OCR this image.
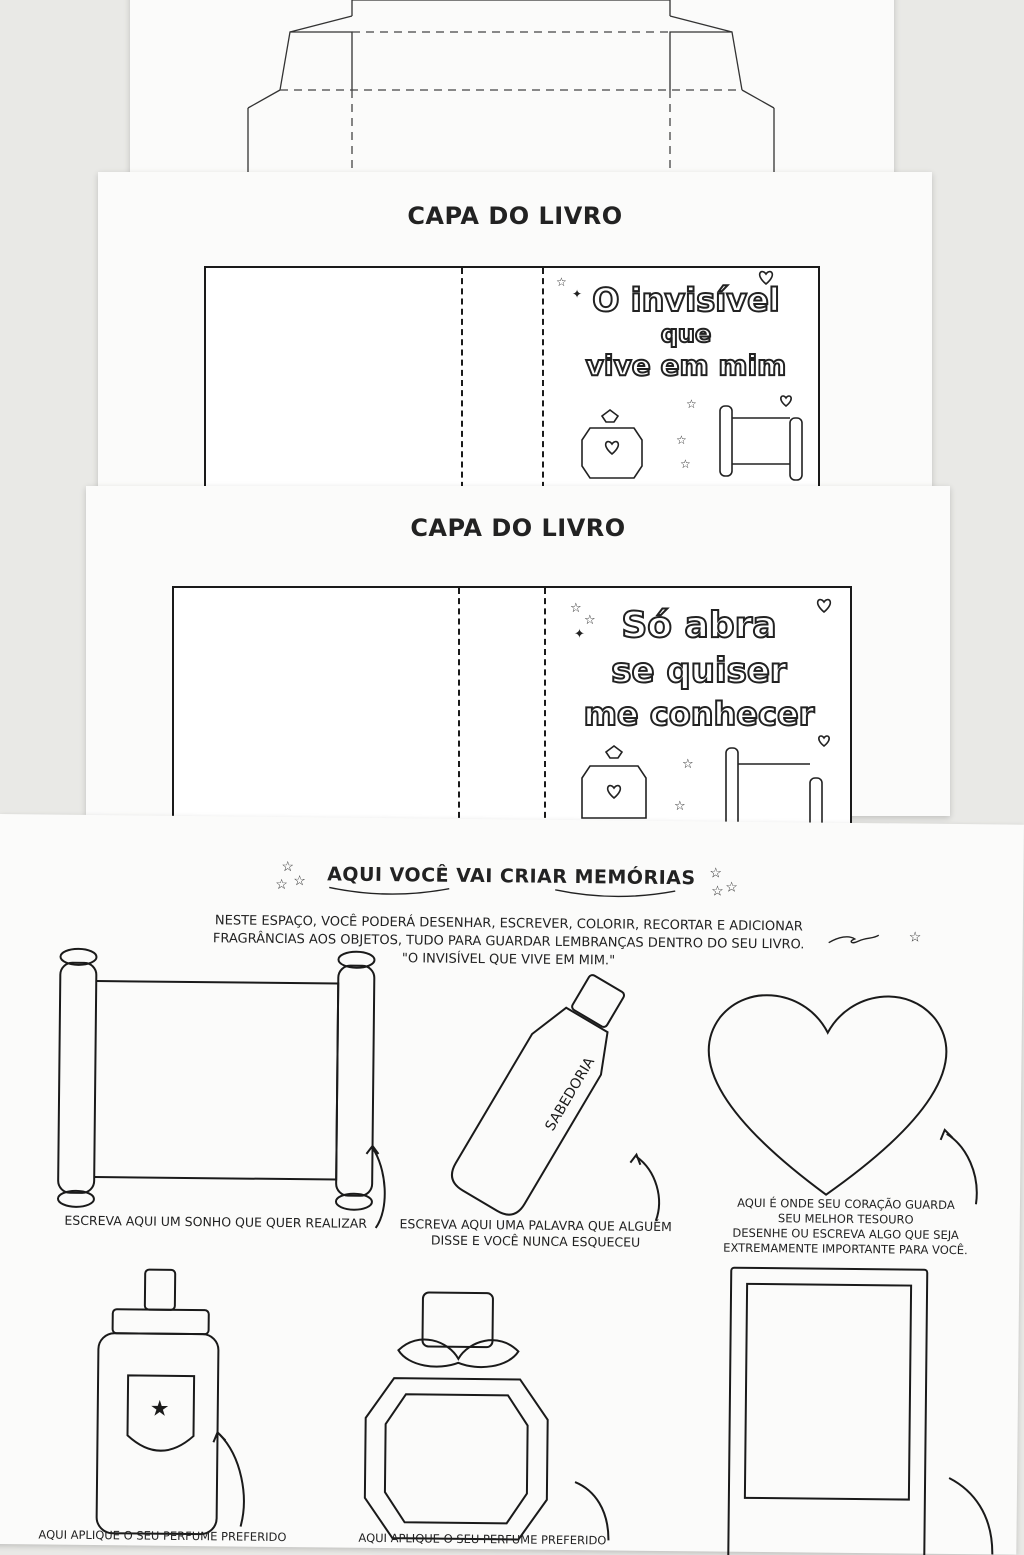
CAPA DO LIVRO
O invisível
que
vive em mim
☆
✦
☆
☆
☆
CAPA DO LIVRO
Só abra
se quiser
me conhecer
☆
☆
✦
☆
☆
AQUI VOCÊ VAI CRIAR MEMÓRIAS
☆
☆ ☆	☆
☆
☆
☆
NESTE ESPAÇO, VOCÊ PODERÁ DESENHAR, ESCREVER, COLORIR, RECORTAR E ADICIONAR
FRAGRÂNCIAS AOS OBJETOS, TUDO PARA GUARDAR LEMBRANÇAS DENTRO DO SEU LIVRO.
"O INVISÍVEL QUE VIVE EM MIM."
★
SABEDORIA
ESCREVA AQUI UM SONHO QUE QUER REALIZAR	ESCREVA AQUI UMA PALAVRA QUE ALGUÉM
DISSE E VOCÊ NUNCA ESQUECEU
AQUI É ONDE SEU CORAÇÃO GUARDA
SEU MELHOR TESOURO
DESENHE OU ESCREVA ALGO QUE SEJA
EXTREMAMENTE IMPORTANTE PARA VOCÊ.
AQUI APLIQUE O SEU PERFUME PREFERIDO	AQUI APLIQUE O SEU PERFUME PREFERIDO
